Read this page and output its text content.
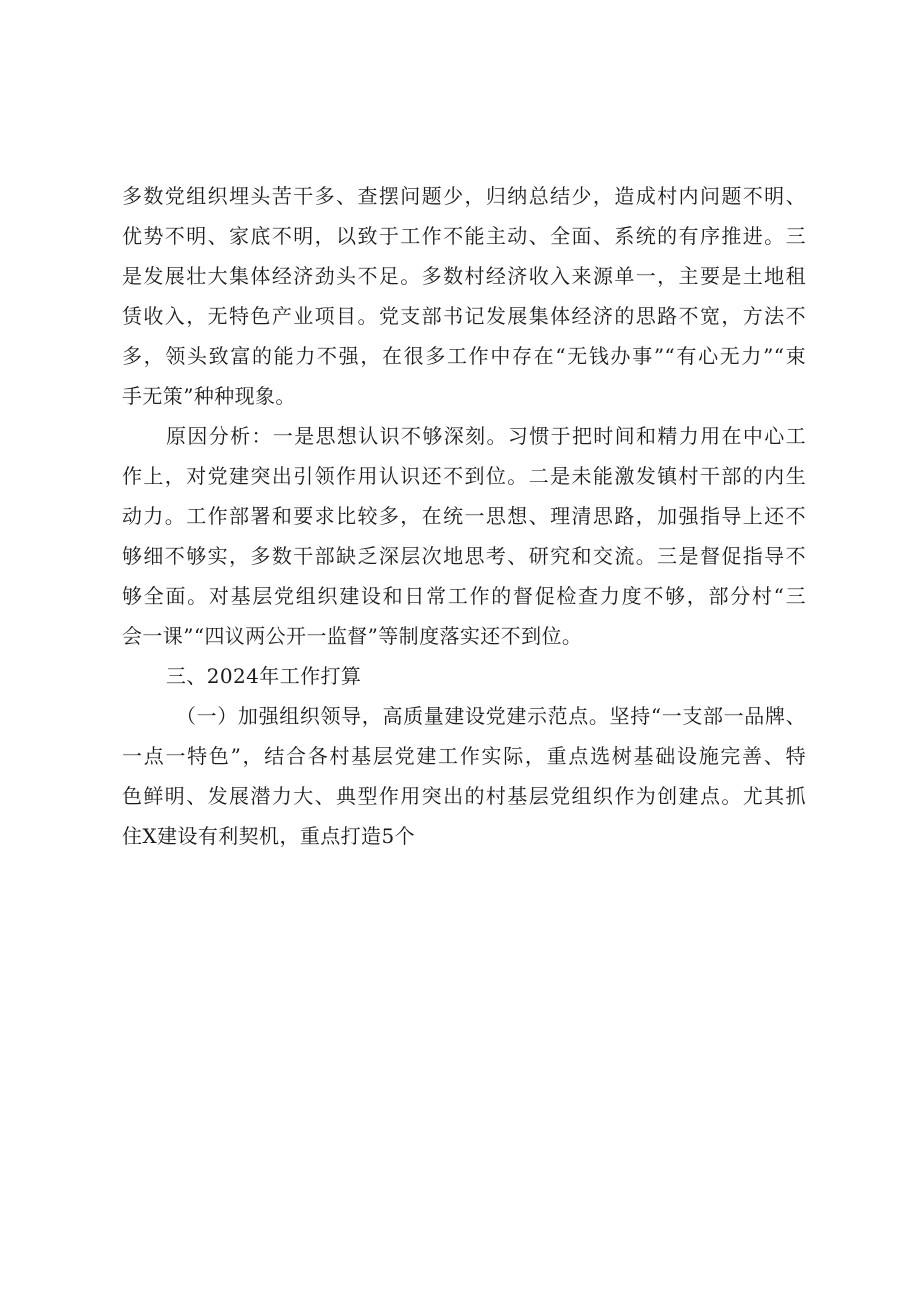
多数党组织埋头苦干多、查摆问题少，归纳总结少，造成村内问题不明、
优势不明、家底不明，以致于工作不能主动、全面、系统的有序推进。三
是发展壮大集体经济劲头不足。多数村经济收入来源单一，主要是土地租
赁收入，无特色产业项目。党支部书记发展集体经济的思路不宽，方法不
多，领头致富的能力不强，在很多工作中存在“无钱办事”“有心无力”“束
手无策”种种现象。
原因分析：一是思想认识不够深刻。习惯于把时间和精力用在中心工
作上，对党建突出引领作用认识还不到位。二是未能激发镇村干部的内生
动力。工作部署和要求比较多，在统一思想、理清思路，加强指导上还不
够细不够实，多数干部缺乏深层次地思考、研究和交流。三是督促指导不
够全面。对基层党组织建设和日常工作的督促检查力度不够，部分村“三
会一课”“四议两公开一监督”等制度落实还不到位。
三、2024年工作打算
（一）加强组织领导，高质量建设党建示范点。坚持“一支部一品牌、
一点一特色”，结合各村基层党建工作实际，重点选树基础设施完善、特
色鲜明、发展潜力大、典型作用突出的村基层党组织作为创建点。尤其抓
住X建设有利契机，重点打造5个
